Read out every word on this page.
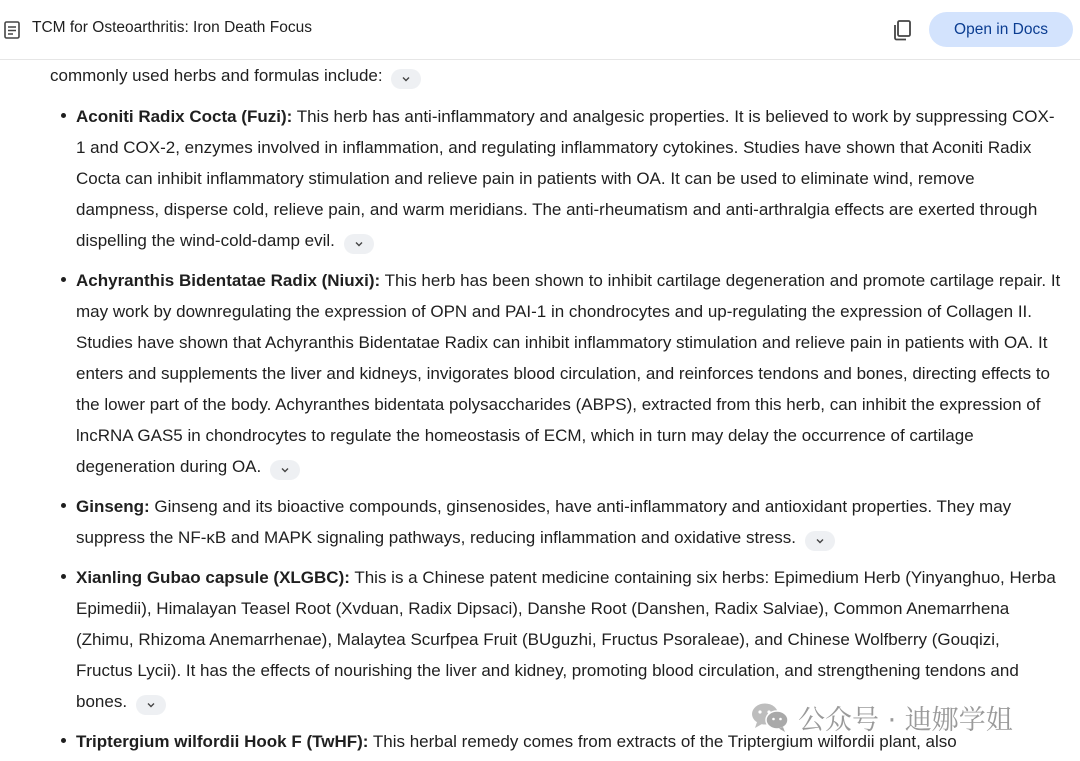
TCM for Osteoarthritis: Iron Death Focus	Open in Docs
commonly used herbs and formulas include:
Aconiti Radix Cocta (Fuzi): This herb has anti-inflammatory and analgesic properties. It is believed to work by suppressing COX-1 and COX-2, enzymes involved in inflammation, and regulating inflammatory cytokines. Studies have shown that Aconiti Radix Cocta can inhibit inflammatory stimulation and relieve pain in patients with OA. It can be used to eliminate wind, remove dampness, disperse cold, relieve pain, and warm meridians. The anti-rheumatism and anti-arthralgia effects are exerted through dispelling the wind-cold-damp evil.
Achyranthis Bidentatae Radix (Niuxi): This herb has been shown to inhibit cartilage degeneration and promote cartilage repair. It may work by downregulating the expression of OPN and PAI-1 in chondrocytes and up-regulating the expression of Collagen II. Studies have shown that Achyranthis Bidentatae Radix can inhibit inflammatory stimulation and relieve pain in patients with OA. It enters and supplements the liver and kidneys, invigorates blood circulation, and reinforces tendons and bones, directing effects to the lower part of the body. Achyranthes bidentata polysaccharides (ABPS), extracted from this herb, can inhibit the expression of lncRNA GAS5 in chondrocytes to regulate the homeostasis of ECM, which in turn may delay the occurrence of cartilage degeneration during OA.
Ginseng: Ginseng and its bioactive compounds, ginsenosides, have anti-inflammatory and antioxidant properties. They may suppress the NF-κB and MAPK signaling pathways, reducing inflammation and oxidative stress.
Xianling Gubao capsule (XLGBC): This is a Chinese patent medicine containing six herbs: Epimedium Herb (Yinyanghuo, Herba Epimedii), Himalayan Teasel Root (Xvduan, Radix Dipsaci), Danshe Root (Danshen, Radix Salviae), Common Anemarrhena (Zhimu, Rhizoma Anemarrhenae), Malaytea Scurfpea Fruit (BUguzhi, Fructus Psoraleae), and Chinese Wolfberry (Gouqizi, Fructus Lycii). It has the effects of nourishing the liver and kidney, promoting blood circulation, and strengthening tendons and bones.
Triptergium wilfordii Hook F (TwHF): This herbal remedy comes from extracts of the Triptergium wilfordii plant, also
公众号 · 迪娜学姐
